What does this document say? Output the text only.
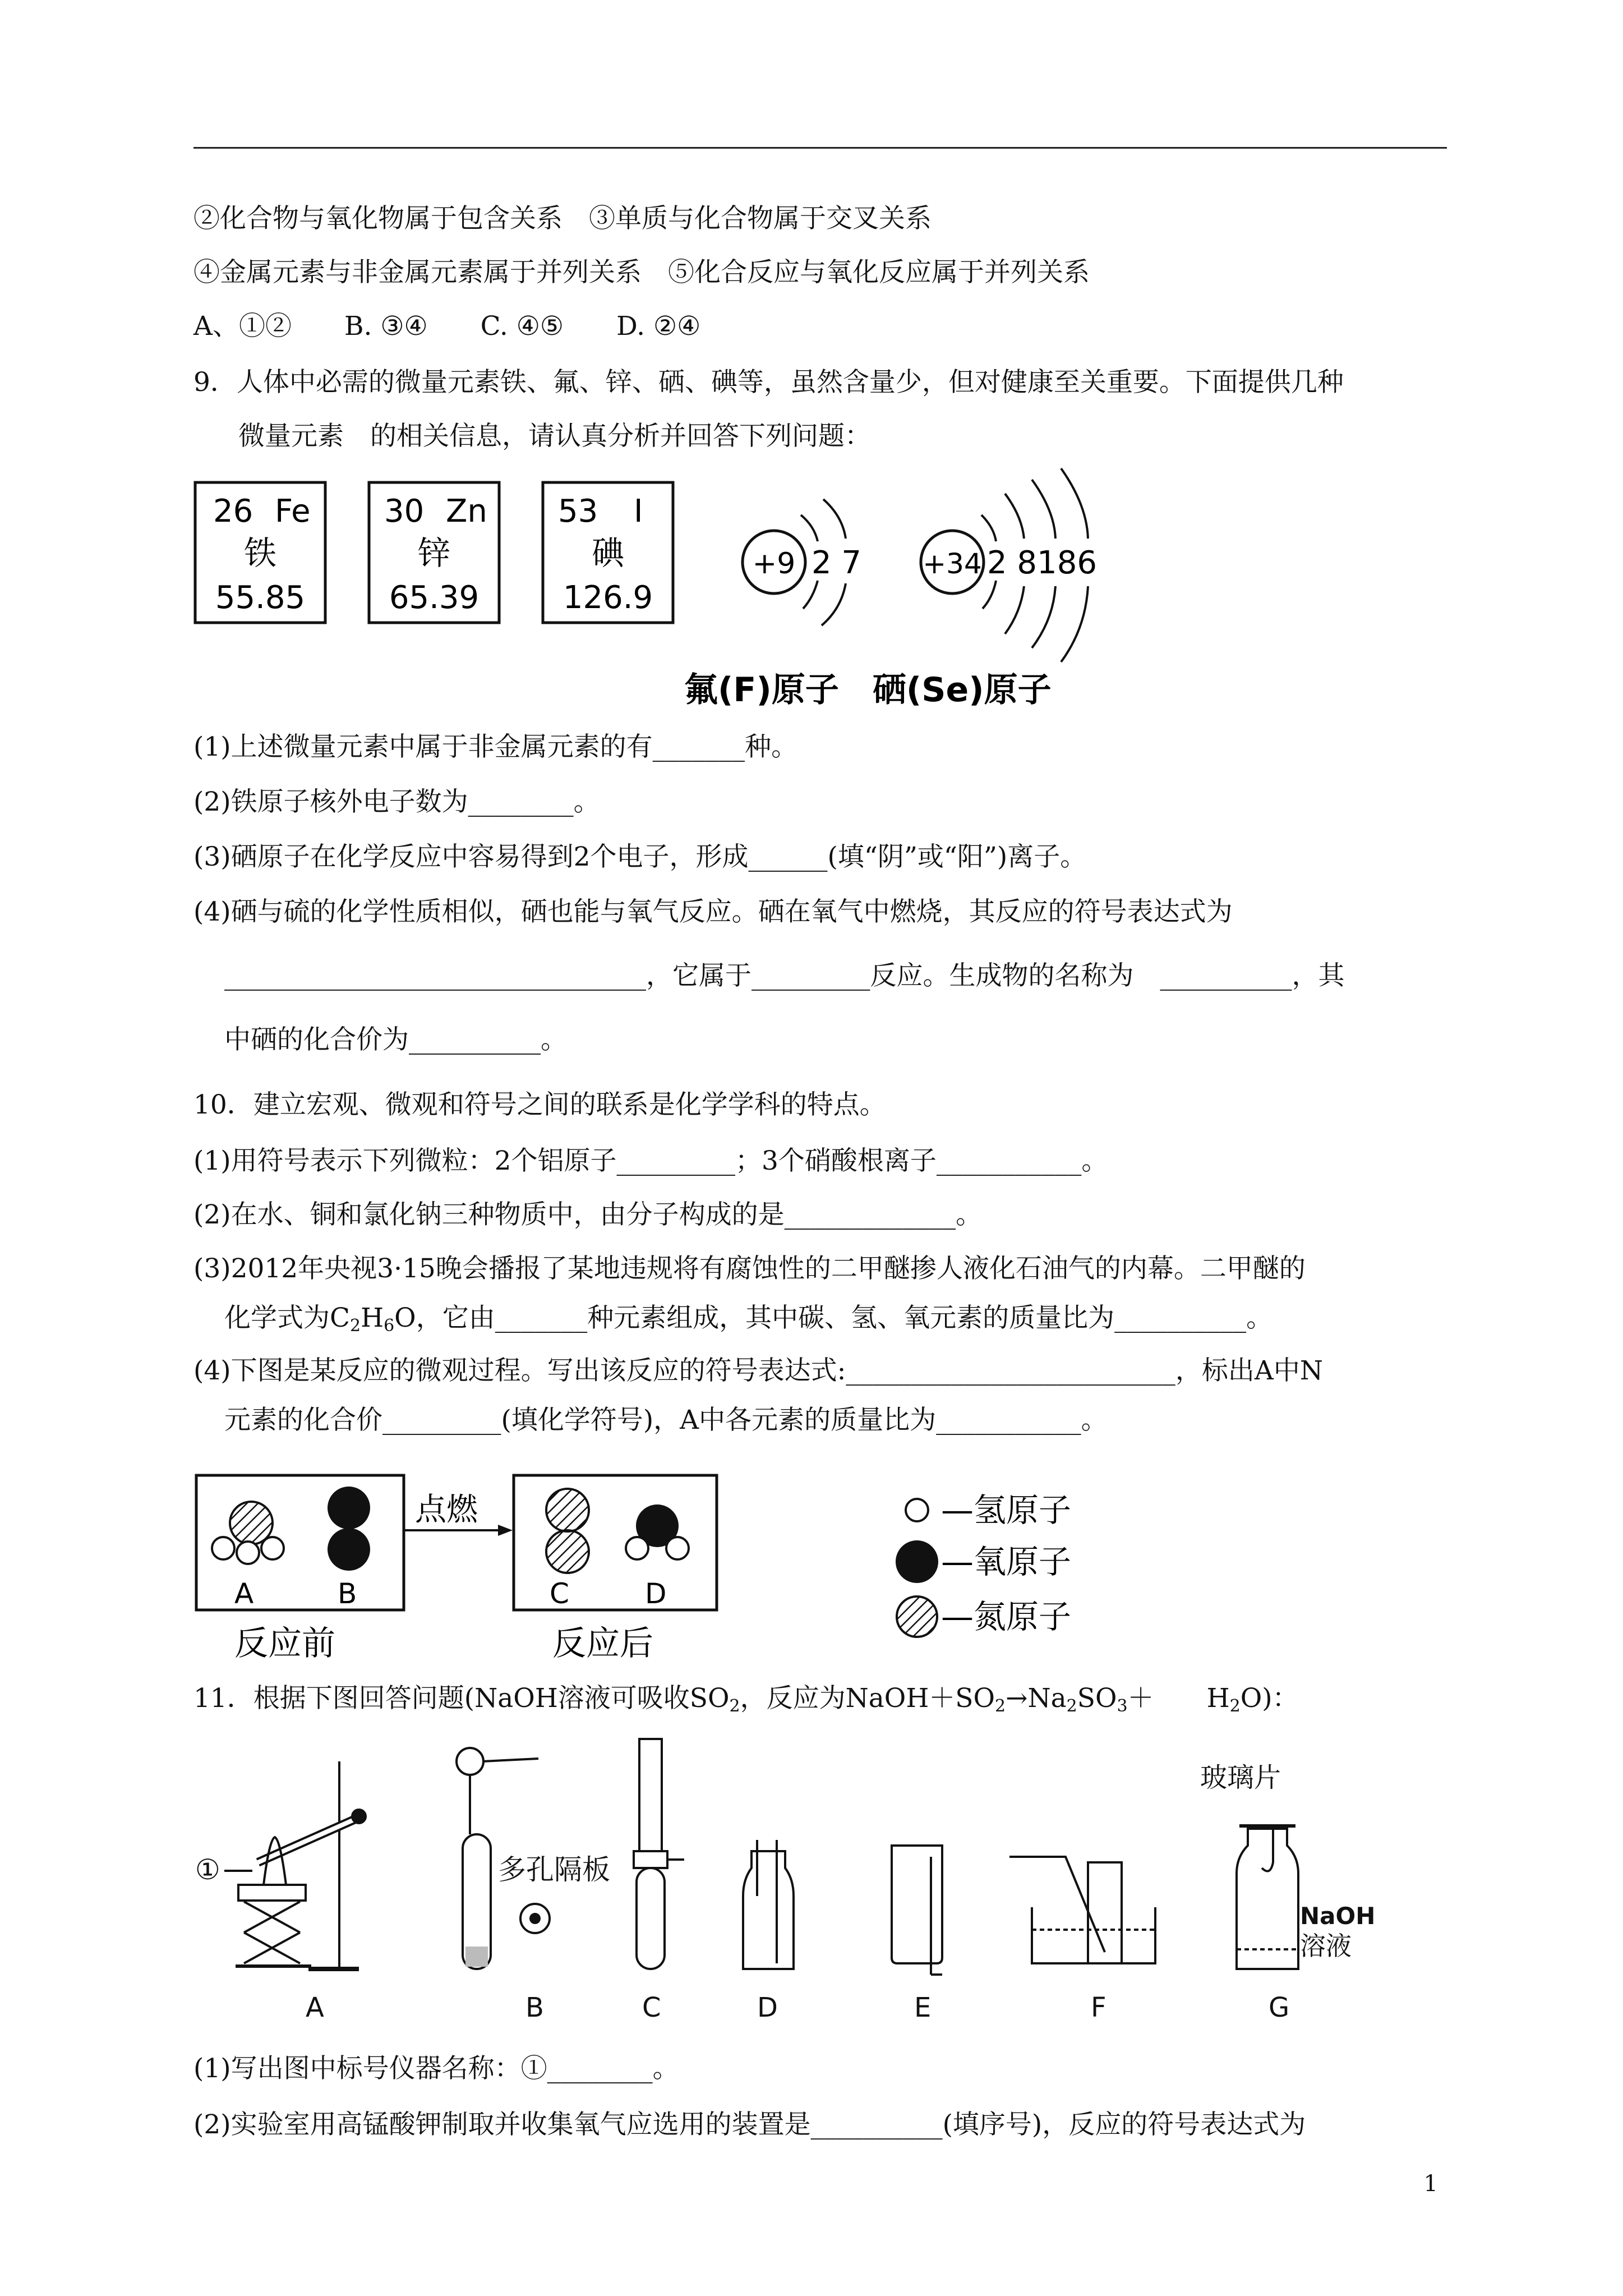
②化合物与氧化物属于包含关系　③单质与化合物属于交叉关系
④金属元素与非金属元素属于并列关系　⑤化合反应与氧化反应属于并列关系
A、①②　　B. ③④　　C. ④⑤　　D. ②④
9．人体中必需的微量元素铁、氟、锌、硒、碘等，虽然含量少，但对健康至关重要。下面提供几种
微量元素　的相关信息，请认真分析并回答下列问题：
26 Fe
铁
55.85
30 Zn
锌
65.39
53 I
碘
126.9
+9 2 7 +34 2 8186
氟(F)原子　硒(Se)原子
(1)上述微量元素中属于非金属元素的有_______种。
(2)铁原子核外电子数为________。
(3)硒原子在化学反应中容易得到2个电子，形成______(填“阴”或“阳”)离子。
(4)硒与硫的化学性质相似，硒也能与氧气反应。硒在氧气中燃烧，其反应的符号表达式为
________________________________，它属于_________反应。生成物的名称为　__________，其
中硒的化合价为__________。
10．建立宏观、微观和符号之间的联系是化学学科的特点。
(1)用符号表示下列微粒：2个铝原子_________；3个硝酸根离子___________。
(2)在水、铜和氯化钠三种物质中，由分子构成的是_____________。
(3)2012年央视3·15晚会播报了某地违规将有腐蚀性的二甲醚掺人液化石油气的内幕。二甲醚的
化学式为C2H6O，它由_______种元素组成，其中碳、氢、氧元素的质量比为__________。
(4)下图是某反应的微观过程。写出该反应的符号表达式:_________________________，标出A中N
元素的化合价_________(填化学符号)，A中各元素的质量比为___________。
A	B
点燃
C	D
反应前	反应后
—氢原子
—氧原子
—氮原子
11．根据下图回答问题(NaOH溶液可吸收SO2，反应为NaOH＋SO2→Na2SO3＋　　H2O)：
①	多孔隔板
玻璃片
NaOH
溶液
A	B	C	D	E	F	G
(1)写出图中标号仪器名称：①________。
(2)实验室用高锰酸钾制取并收集氧气应选用的装置是__________(填序号)，反应的符号表达式为
1
